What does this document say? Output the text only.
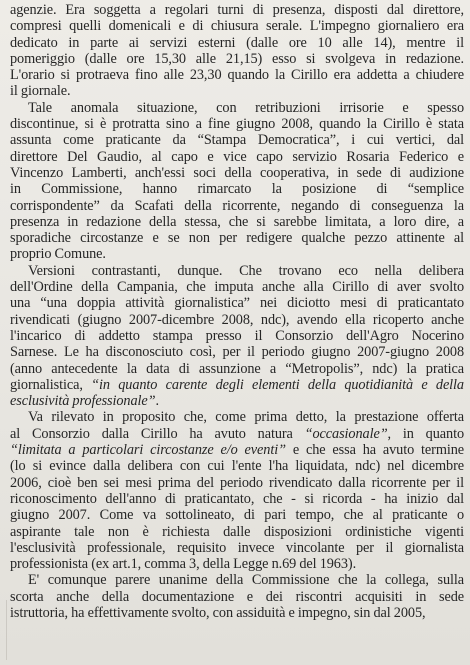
agenzie. Era soggetta a regolari turni di presenza, disposti dal direttore,
compresi quelli domenicali e di chiusura serale. L'impegno giornaliero era
dedicato in parte ai servizi esterni (dalle ore 10 alle 14), mentre il
pomeriggio (dalle ore 15,30 alle 21,15) esso si svolgeva in redazione.
L'orario si protraeva fino alle 23,30 quando la Cirillo era addetta a chiudere
il giornale.
Tale anomala situazione, con retribuzioni irrisorie e spesso
discontinue, si è protratta sino a fine giugno 2008, quando la Cirillo è stata
assunta come praticante da “Stampa Democratica”, i cui vertici, dal
direttore Del Gaudio, al capo e vice capo servizio Rosaria Federico e
Vincenzo Lamberti, anch'essi soci della cooperativa, in sede di audizione
in Commissione, hanno rimarcato la posizione di “semplice
corrispondente” da Scafati della ricorrente, negando di conseguenza la
presenza in redazione della stessa, che si sarebbe limitata, a loro dire, a
sporadiche circostanze e se non per redigere qualche pezzo attinente al
proprio Comune.
Versioni contrastanti, dunque. Che trovano eco nella delibera
dell'Ordine della Campania, che imputa anche alla Cirillo di aver svolto
una “una doppia attività giornalistica” nei diciotto mesi di praticantato
rivendicati (giugno 2007-dicembre 2008, ndc), avendo ella ricoperto anche
l'incarico di addetto stampa presso il Consorzio dell'Agro Nocerino
Sarnese. Le ha disconosciuto così, per il periodo giugno 2007-giugno 2008
(anno antecedente la data di assunzione a “Metropolis”, ndc) la pratica
giornalistica, “in quanto carente degli elementi della quotidianità e della
esclusività professionale”.
Va rilevato in proposito che, come prima detto, la prestazione offerta
al Consorzio dalla Cirillo ha avuto natura “occasionale”, in quanto
“limitata a particolari circostanze e/o eventi” e che essa ha avuto termine
(lo si evince dalla delibera con cui l'ente l'ha liquidata, ndc) nel dicembre
2006, cioè ben sei mesi prima del periodo rivendicato dalla ricorrente per il
riconoscimento dell'anno di praticantato, che - si ricorda - ha inizio dal
giugno 2007. Come va sottolineato, di pari tempo, che al praticante o
aspirante tale non è richiesta dalle disposizioni ordinistiche vigenti
l'esclusività professionale, requisito invece vincolante per il giornalista
professionista (ex art.1, comma 3, della Legge n.69 del 1963).
E' comunque parere unanime della Commissione che la collega, sulla
scorta anche della documentazione e dei riscontri acquisiti in sede
istruttoria, ha effettivamente svolto, con assiduità e impegno, sin dal 2005,
